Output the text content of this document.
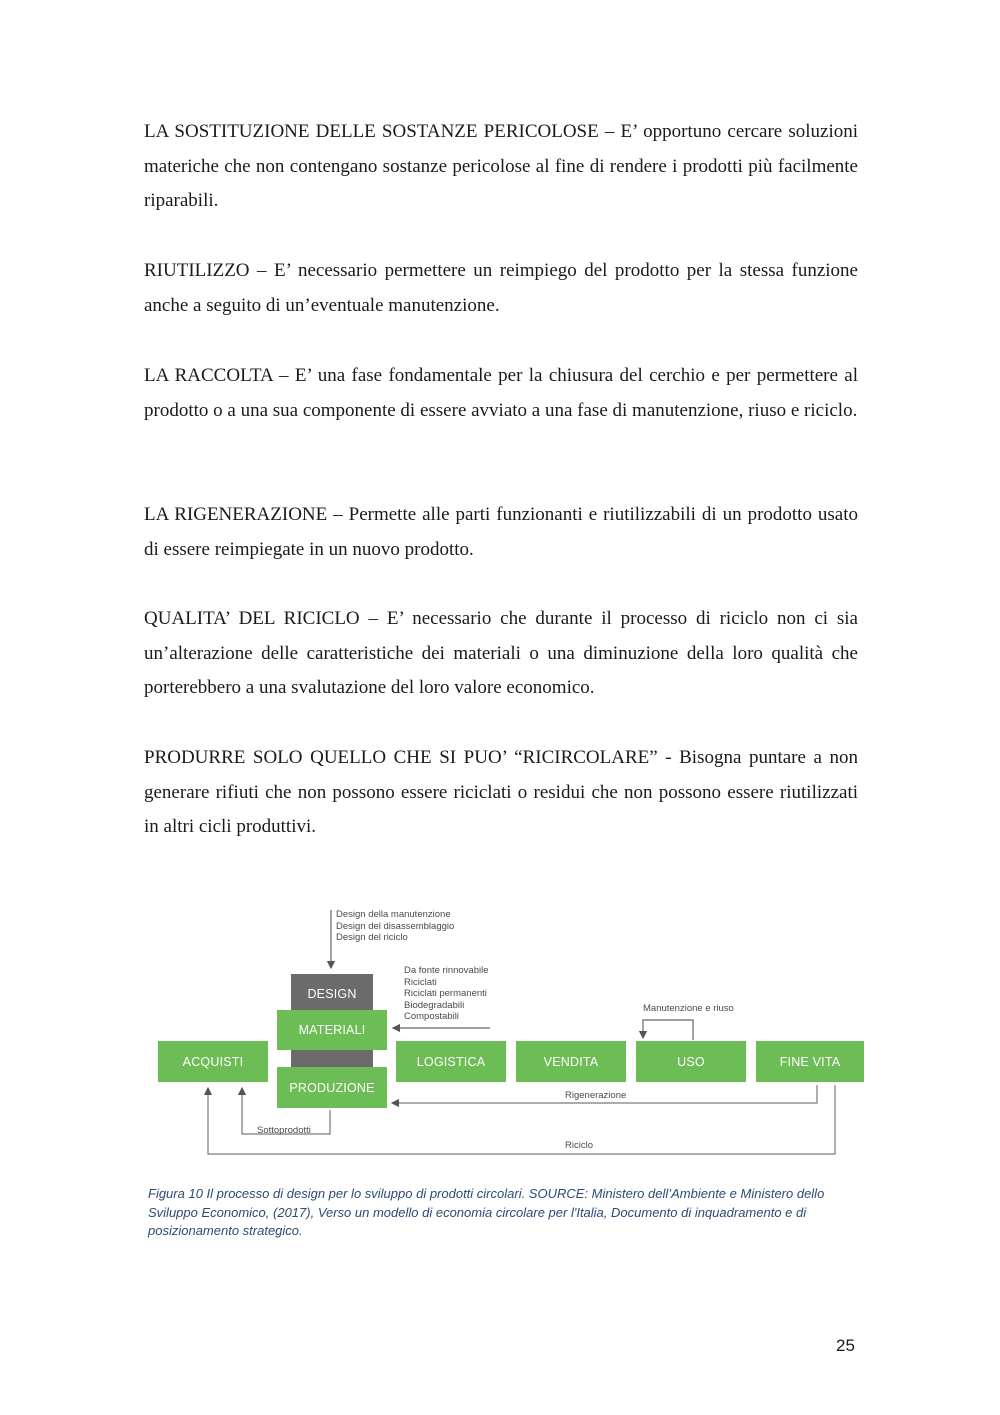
LA SOSTITUZIONE DELLE SOSTANZE PERICOLOSE – E’ opportuno cercare soluzioni materiche che non contengano sostanze pericolose al fine di rendere i prodotti più facilmente riparabili.

RIUTILIZZO – E’ necessario permettere un reimpiego del prodotto per la stessa funzione anche a seguito di un’eventuale manutenzione.

LA RACCOLTA – E’ una fase fondamentale per la chiusura del cerchio e per permettere al prodotto o a una sua componente di essere avviato a una fase di manutenzione, riuso e riciclo.

LA RIGENERAZIONE – Permette alle parti funzionanti e riutilizzabili di un prodotto usato di essere reimpiegate in un nuovo prodotto.

QUALITA’ DEL RICICLO – E’ necessario che durante il processo di riciclo non ci sia un’alterazione delle caratteristiche dei materiali o una diminuzione della loro qualità che porterebbero a una svalutazione del loro valore economico.

PRODURRE SOLO QUELLO CHE SI PUO’ “RICIRCOLARE” - Bisogna puntare a non generare rifiuti che non possono essere riciclati o residui che non possono essere riutilizzati in altri cicli produttivi.

Design della manutenzione
Design del disassemblaggio
Design del riciclo
Da fonte rinnovabile
Riciclati
Riciclati permanenti
Biodegradabili
Compostabili
DESIGN
MATERIALI
PRODUZIONE
ACQUISTI	LOGISTICA	VENDITA	USO	FINE VITA
Manutenzione e riuso
Rigenerazione
Sottoprodotti
Riciclo

Figura 10 Il processo di design per lo sviluppo di prodotti circolari. SOURCE: Ministero dell’Ambiente e Ministero dello Sviluppo Economico, (2017), Verso un modello di economia circolare per l'Italia, Documento di inquadramento e di posizionamento strategico.

25
